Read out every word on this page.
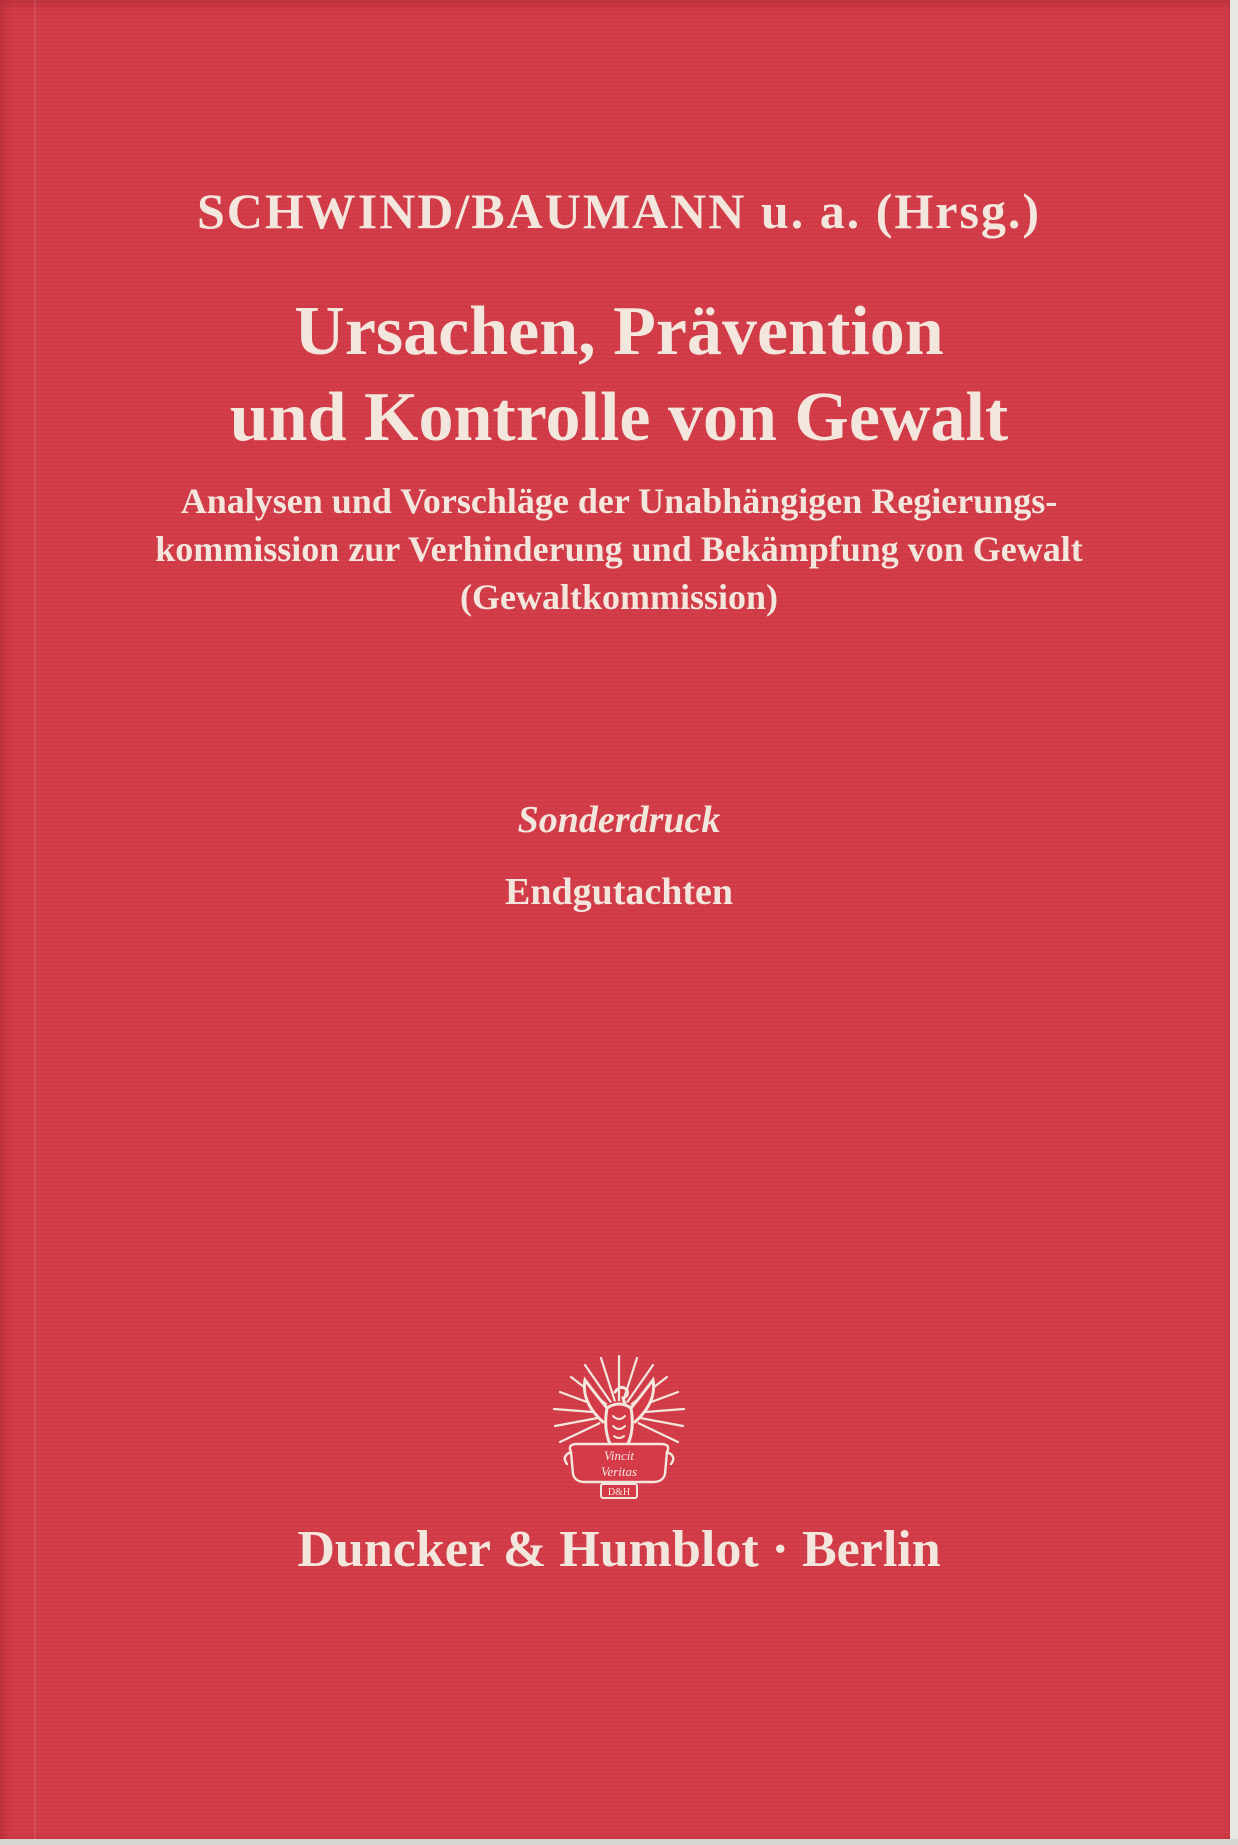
SCHWIND/BAUMANN u. a. (Hrsg.)
Ursachen, Prävention
und Kontrolle von Gewalt
Analysen und Vorschläge der Unabhängigen Regierungs-
kommission zur Verhinderung und Bekämpfung von Gewalt
(Gewaltkommission)
Sonderdruck
Endgutachten
Vincit
Veritas
D&H
Duncker & Humblot · Berlin
